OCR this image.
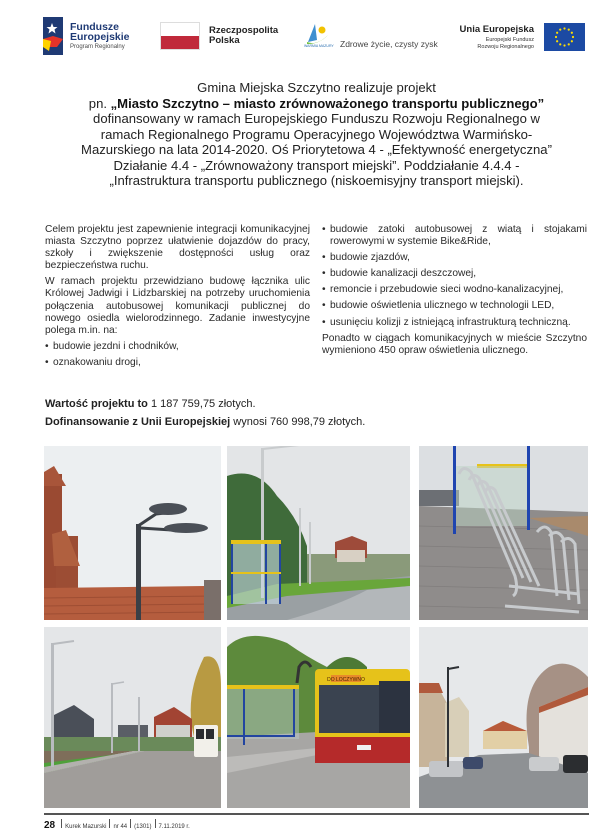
Fundusze
Europejskie
Program Regionalny
Rzeczpospolita
Polska	WARMIA MAZURY Zdrowe życie, czysty zysk
Unia Europejska
Europejski Fundusz
Rozwoju Regionalnego
Gmina Miejska Szczytno realizuje projekt
pn. „Miasto Szczytno – miasto zrównoważonego transportu publicznego”
dofinansowany w ramach Europejskiego Funduszu Rozwoju Regionalnego w
ramach Regionalnego Programu Operacyjnego Województwa Warmińsko-
Mazurskiego na lata 2014-2020. Oś Priorytetowa 4 - „Efektywność energetyczna”
Działanie 4.4 - „Zrównoważony transport miejski”. Poddziałanie 4.4.4 -
„Infrastruktura transportu publicznego (niskoemisyjny transport miejski).

Celem projektu jest zapewnienie integracji komunikacyjnej miasta Szczytno poprzez ułatwienie dojazdów do pracy, szkoły i zwiększenie dostępności usług oraz bezpieczeństwa ruchu.

W ramach projektu przewidziano budowę łącznika ulic Królowej Jadwigi i Lidzbarskiej na potrzeby uruchomienia połączenia autobusowej komunikacji publicznej do nowego osiedla wielorodzinnego. Zadanie inwestycyjne polega m.in. na:

• budowie jezdni i chodników,
• oznakowaniu drogi,
• budowie zatoki autobusowej z wiatą i stojakami rowerowymi w systemie Bike&Ride,
• budowie zjazdów,
• budowie kanalizacji deszczowej,
• remoncie i przebudowie sieci wodno-kanalizacyjnej,
• budowie oświetlenia ulicznego w technologii LED,
• usunięciu kolizji z istniejącą infrastrukturą techniczną.

Ponadto w ciągach komunikacyjnych w mieście Szczytno wymieniono 450 opraw oświetlenia ulicznego.

Wartość projektu to 1 187 759,75 złotych.
Dofinansowanie z Unii Europejskiej wynosi 760 998,79 złotych.
DO LOCZYWNO
28 Kurek Mazurski nr 44 (1301) 7.11.2019 r.
